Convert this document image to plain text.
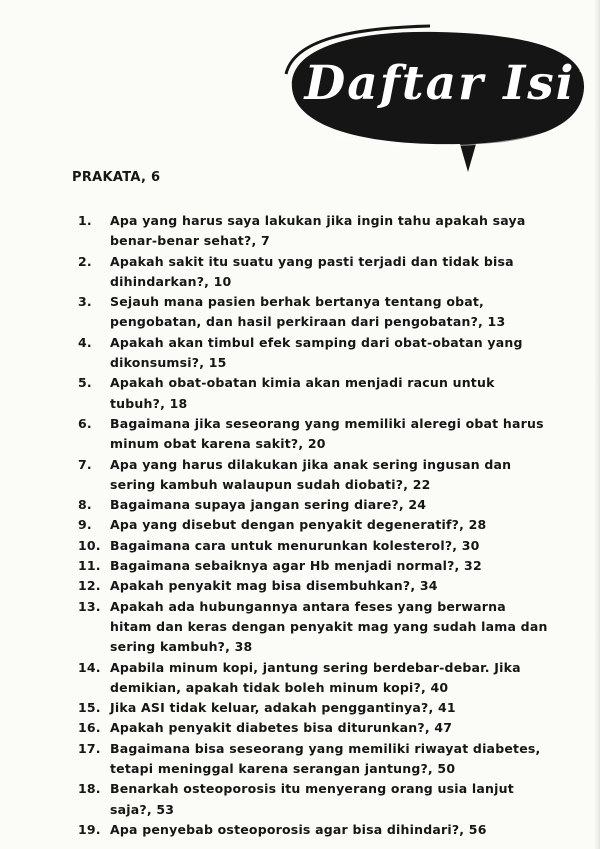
Daftar Isi
PRAKATA, 6
1.	Apa yang harus saya lakukan jika ingin tahu apakah saya benar-benar sehat?, 7
2.	Apakah sakit itu suatu yang pasti terjadi dan tidak bisa dihindarkan?, 10
3.	Sejauh mana pasien berhak bertanya tentang obat, pengobatan, dan hasil perkiraan dari pengobatan?, 13
4.	Apakah akan timbul efek samping dari obat-obatan yang dikonsumsi?, 15
5.	Apakah obat-obatan kimia akan menjadi racun untuk tubuh?, 18
6.	Bagaimana jika seseorang yang memiliki aleregi obat harus minum obat karena sakit?, 20
7.	Apa yang harus dilakukan jika anak sering ingusan dan sering kambuh walaupun sudah diobati?, 22
8.	Bagaimana supaya jangan sering diare?, 24
9.	Apa yang disebut dengan penyakit degeneratif?, 28
10. Bagaimana cara untuk menurunkan kolesterol?, 30
11. Bagaimana sebaiknya agar Hb menjadi normal?, 32
12. Apakah penyakit mag bisa disembuhkan?, 34
13. Apakah ada hubungannya antara feses yang berwarna hitam dan keras dengan penyakit mag yang sudah lama dan sering kambuh?, 38
14. Apabila minum kopi, jantung sering berdebar-debar. Jika demikian, apakah tidak boleh minum kopi?, 40
15. Jika ASI tidak keluar, adakah penggantinya?, 41
16. Apakah penyakit diabetes bisa diturunkan?, 47
17. Bagaimana bisa seseorang yang memiliki riwayat diabetes, tetapi meninggal karena serangan jantung?, 50
18. Benarkah osteoporosis itu menyerang orang usia lanjut saja?, 53
19. Apa penyebab osteoporosis agar bisa dihindari?, 56
